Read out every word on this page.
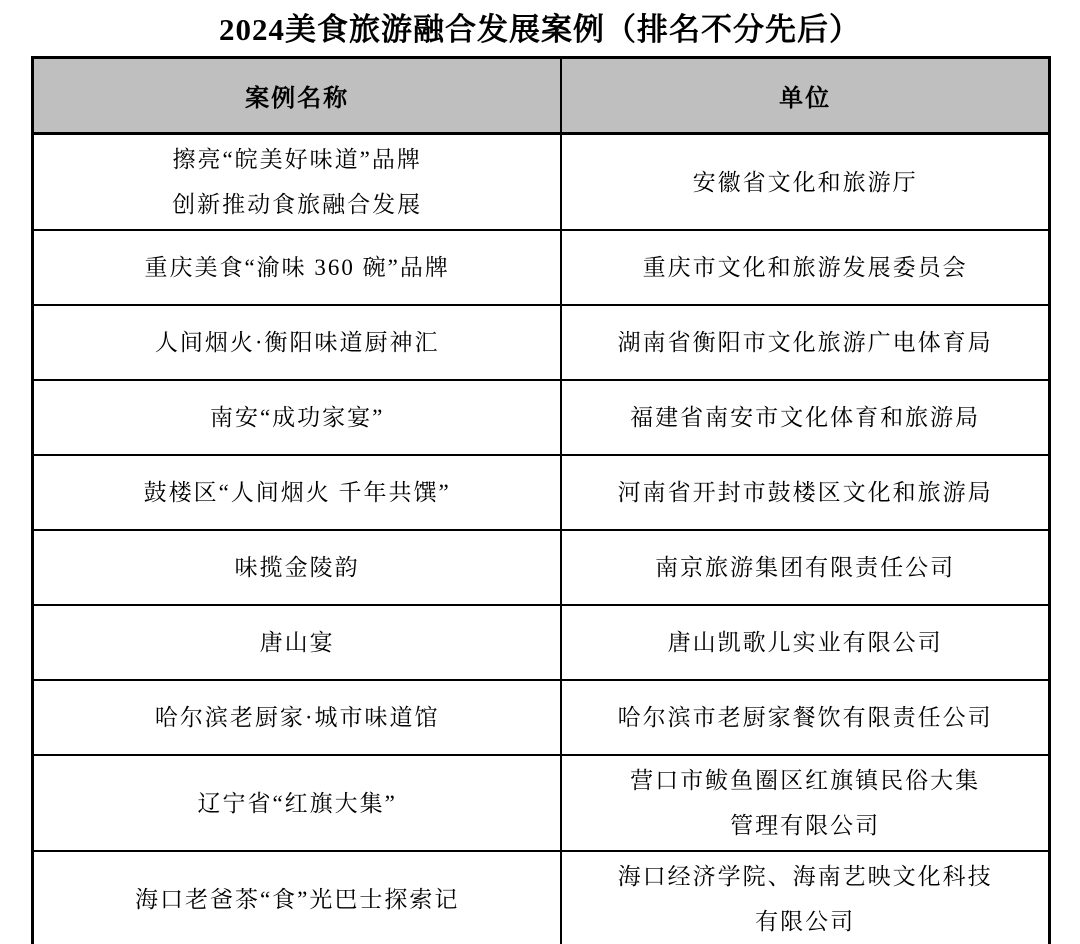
2024美食旅游融合发展案例（排名不分先后）
案例名称	单位

擦亮“皖美好味道”品牌
创新推动食旅融合发展	安徽省文化和旅游厅

重庆美食“渝味 360 碗”品牌	重庆市文化和旅游发展委员会

人间烟火·衡阳味道厨神汇	湖南省衡阳市文化旅游广电体育局

南安“成功家宴”	福建省南安市文化体育和旅游局

鼓楼区“人间烟火 千年共馔”	河南省开封市鼓楼区文化和旅游局

味揽金陵韵	南京旅游集团有限责任公司

唐山宴	唐山凯歌儿实业有限公司

哈尔滨老厨家·城市味道馆	哈尔滨市老厨家餐饮有限责任公司

辽宁省“红旗大集”	营口市鲅鱼圈区红旗镇民俗大集
管理有限公司

海口老爸茶“食”光巴士探索记	海口经济学院、海南艺映文化科技
有限公司
